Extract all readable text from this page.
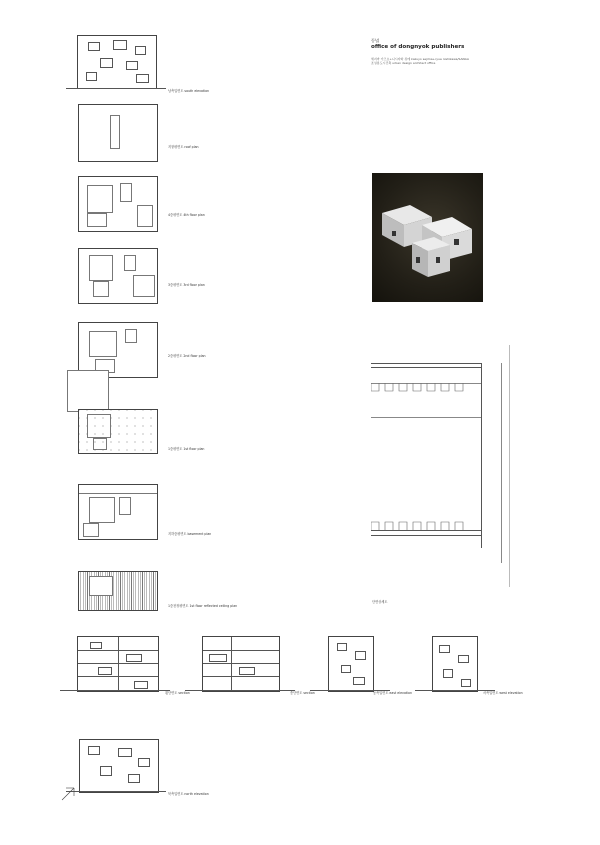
남측입면도 south elevation
지붕평면도 roof plan
4층평면도 4th floor plan
3층평면도 3rd floor plan
2층평면도 2nd floor plan
1층평면도 1st floor plan
지하층평면도 basement plan
1층천정평면도 1st floor reflected ceiling plan
횡단면도 section	종단면도 section	동측입면도 east elevation	서측입면도 west elevation
북측입면도 north elevation
동녘
office of dongnyok publishers
세지마 가즈요+니시자와 류에 kazuyo sejima+ryue nishizawa/SANAA
조성룡도시건축 urban design architect office
단면상세도
